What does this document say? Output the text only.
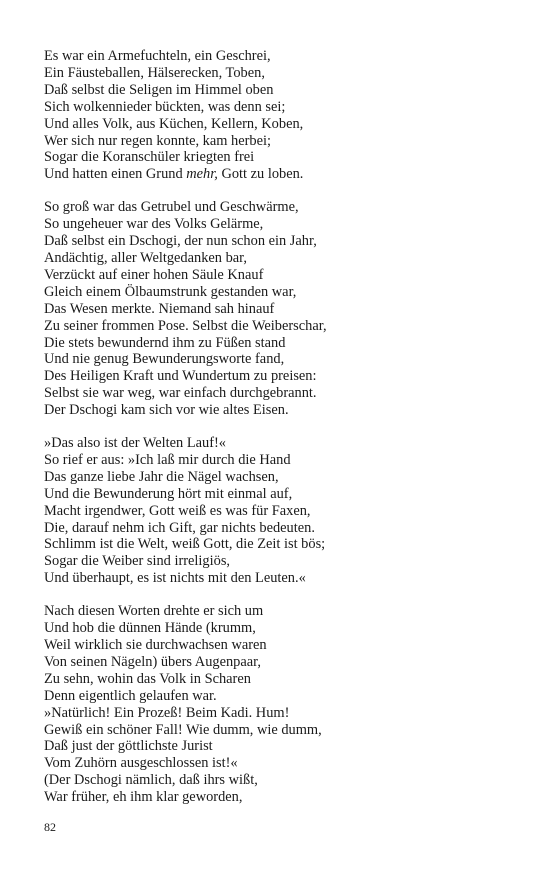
Es war ein Armefuchteln, ein Geschrei,
Ein Fäusteballen, Hälserecken, Toben,
Daß selbst die Seligen im Himmel oben
Sich wolkennieder bückten, was denn sei;
Und alles Volk, aus Küchen, Kellern, Koben,
Wer sich nur regen konnte, kam herbei;
Sogar die Koranschüler kriegten frei
Und hatten einen Grund mehr, Gott zu loben.
So groß war das Getrubel und Geschwärme,
So ungeheuer war des Volks Gelärme,
Daß selbst ein Dschogi, der nun schon ein Jahr,
Andächtig, aller Weltgedanken bar,
Verzückt auf einer hohen Säule Knauf
Gleich einem Ölbaumstrunk gestanden war,
Das Wesen merkte. Niemand sah hinauf
Zu seiner frommen Pose. Selbst die Weiberschar,
Die stets bewundernd ihm zu Füßen stand
Und nie genug Bewunderungsworte fand,
Des Heiligen Kraft und Wundertum zu preisen:
Selbst sie war weg, war einfach durchgebrannt.
Der Dschogi kam sich vor wie altes Eisen.
»Das also ist der Welten Lauf!«
So rief er aus: »Ich laß mir durch die Hand
Das ganze liebe Jahr die Nägel wachsen,
Und die Bewunderung hört mit einmal auf,
Macht irgendwer, Gott weiß es was für Faxen,
Die, darauf nehm ich Gift, gar nichts bedeuten.
Schlimm ist die Welt, weiß Gott, die Zeit ist bös;
Sogar die Weiber sind irreligiös,
Und überhaupt, es ist nichts mit den Leuten.«
Nach diesen Worten drehte er sich um
Und hob die dünnen Hände (krumm,
Weil wirklich sie durchwachsen waren
Von seinen Nägeln) übers Augenpaar,
Zu sehn, wohin das Volk in Scharen
Denn eigentlich gelaufen war.
»Natürlich! Ein Prozeß! Beim Kadi. Hum!
Gewiß ein schöner Fall! Wie dumm, wie dumm,
Daß just der göttlichste Jurist
Vom Zuhörn ausgeschlossen ist!«
(Der Dschogi nämlich, daß ihrs wißt,
War früher, eh ihm klar geworden,
82
